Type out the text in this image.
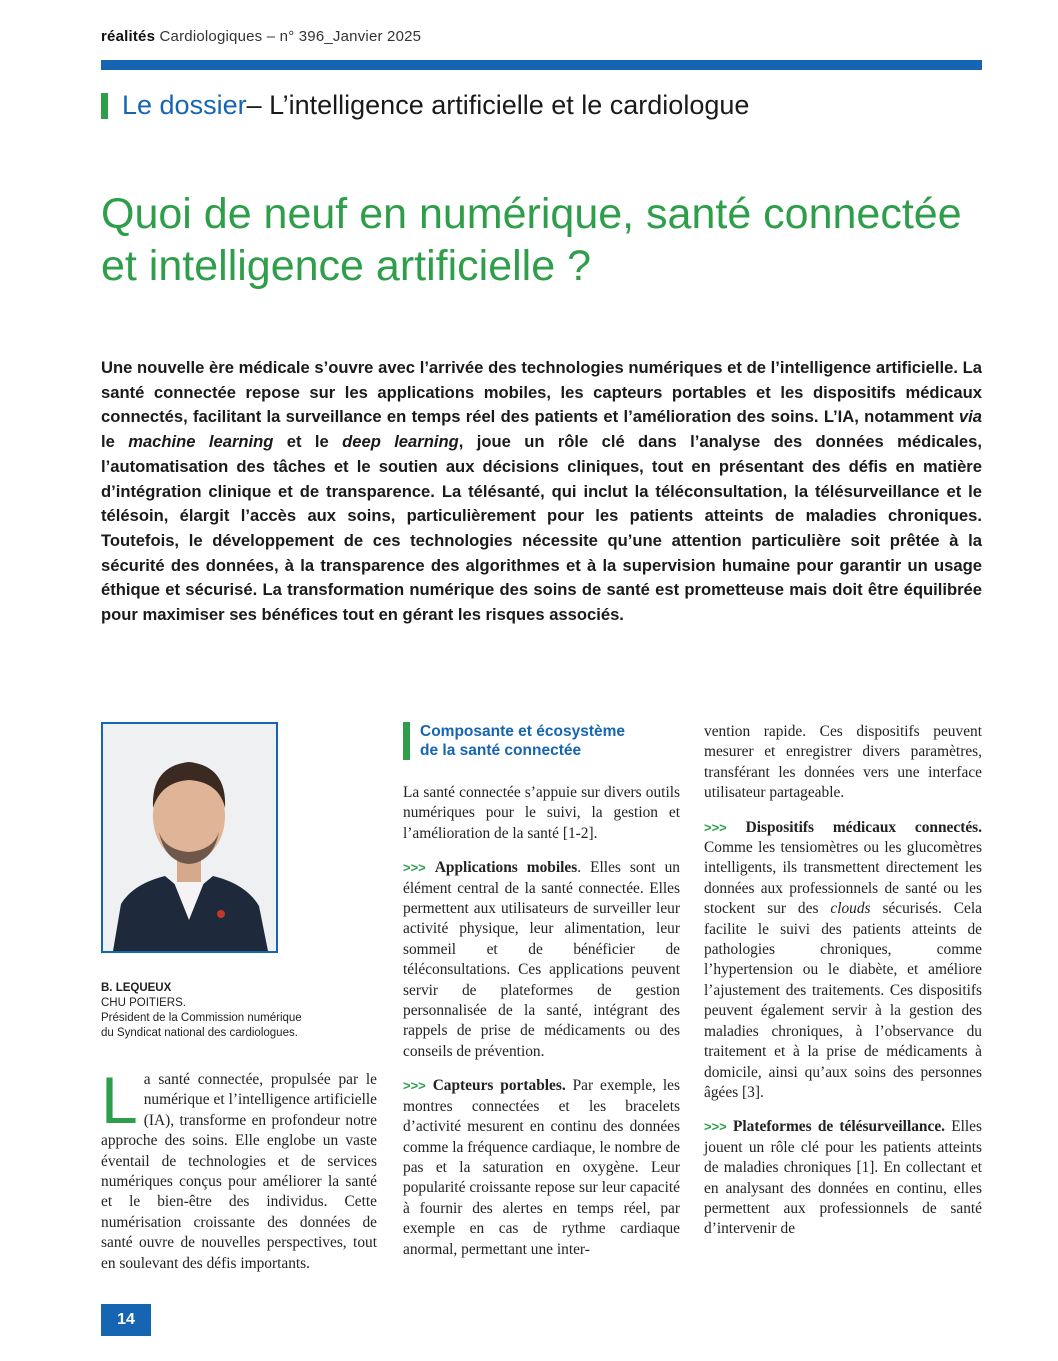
réalités Cardiologiques – n° 396_Janvier 2025
Le dossier – L’intelligence artificielle et le cardiologue
Quoi de neuf en numérique, santé connectée et intelligence artificielle ?
Une nouvelle ère médicale s’ouvre avec l’arrivée des technologies numériques et de l’intelligence artificielle. La santé connectée repose sur les applications mobiles, les capteurs portables et les dispositifs médicaux connectés, facilitant la surveillance en temps réel des patients et l’amélioration des soins. L’IA, notamment via le machine learning et le deep learning, joue un rôle clé dans l’analyse des données médicales, l’automatisation des tâches et le soutien aux décisions cliniques, tout en présentant des défis en matière d’intégration clinique et de transparence. La télésanté, qui inclut la téléconsultation, la télésurveillance et le télésoin, élargit l’accès aux soins, particulièrement pour les patients atteints de maladies chroniques. Toutefois, le développement de ces technologies nécessite qu’une attention particulière soit prêtée à la sécurité des données, à la transparence des algorithmes et à la supervision humaine pour garantir un usage éthique et sécurisé. La transformation numérique des soins de santé est prometteuse mais doit être équilibrée pour maximiser ses bénéfices tout en gérant les risques associés.
B. LEQUEUX
CHU POITIERS.
Président de la Commission numérique
du Syndicat national des cardiologues.
La santé connectée, propulsée par le numérique et l’intelligence artificielle (IA), transforme en profondeur notre approche des soins. Elle englobe un vaste éventail de technologies et de services numériques conçus pour améliorer la santé et le bien-être des individus. Cette numérisation croissante des données de santé ouvre de nouvelles perspectives, tout en soulevant des défis importants.
Composante et écosystème
de la santé connectée

La santé connectée s’appuie sur divers outils numériques pour le suivi, la gestion et l’amélioration de la santé [1-2].

>>> Applications mobiles. Elles sont un élément central de la santé connectée. Elles permettent aux utilisateurs de surveiller leur activité physique, leur alimentation, leur sommeil et de bénéficier de téléconsultations. Ces applications peuvent servir de plateformes de gestion personnalisée de la santé, intégrant des rappels de prise de médicaments ou des conseils de prévention.

>>> Capteurs portables. Par exemple, les montres connectées et les bracelets d’activité mesurent en continu des données comme la fréquence cardiaque, le nombre de pas et la saturation en oxygène. Leur popularité croissante repose sur leur capacité à fournir des alertes en temps réel, par exemple en cas de rythme cardiaque anormal, permettant une inter-

vention rapide. Ces dispositifs peuvent mesurer et enregistrer divers paramètres, transférant les données vers une interface utilisateur partageable.

>>> Dispositifs médicaux connectés. Comme les tensiomètres ou les glucomètres intelligents, ils transmettent directement les données aux professionnels de santé ou les stockent sur des clouds sécurisés. Cela facilite le suivi des patients atteints de pathologies chroniques, comme l’hypertension ou le diabète, et améliore l’ajustement des traitements. Ces dispositifs peuvent également servir à la gestion des maladies chroniques, à l’observance du traitement et à la prise de médicaments à domicile, ainsi qu’aux soins des personnes âgées [3].

>>> Plateformes de télésurveillance. Elles jouent un rôle clé pour les patients atteints de maladies chroniques [1]. En collectant et en analysant des données en continu, elles permettent aux professionnels de santé d’intervenir de

14
